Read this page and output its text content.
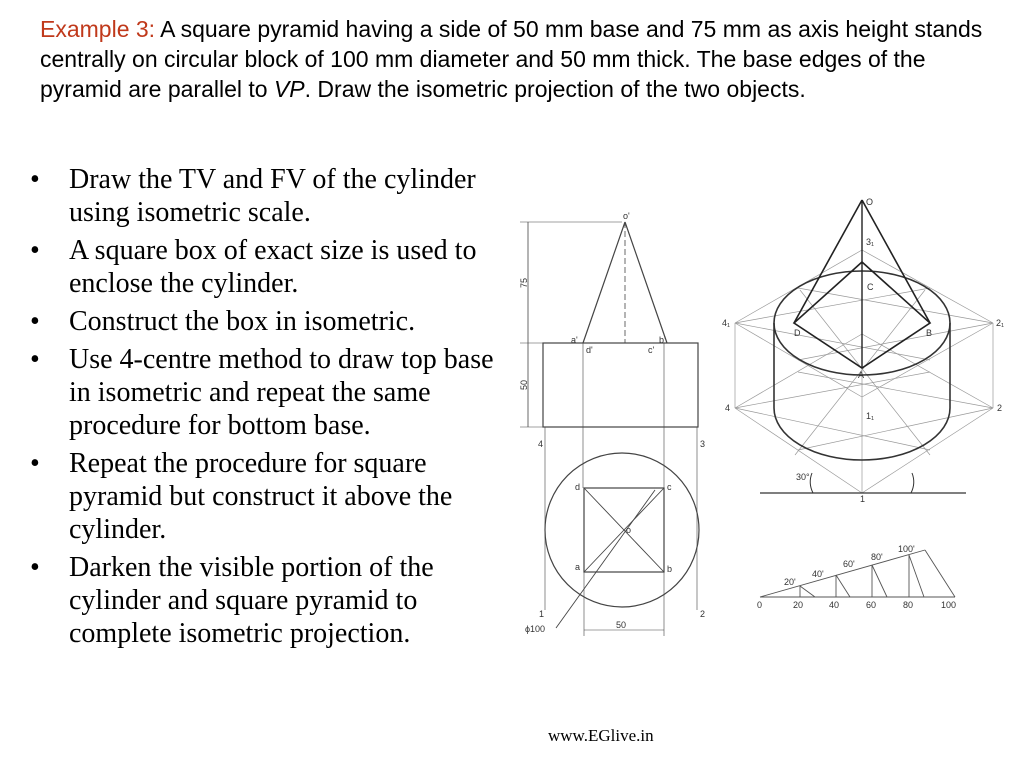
Example 3: A square pyramid having a side of 50 mm base and 75 mm as axis height stands centrally on circular block of 100 mm diameter and 50 mm thick. The base edges of the pyramid are parallel to VP. Draw the isometric projection of the two objects.
• Draw the TV and FV of the cylinder using isometric scale.
• A square box of exact size is used to enclose the cylinder.
• Construct the box in isometric.
• Use 4-centre method to draw top base in isometric and repeat the same procedure for bottom base.
• Repeat the procedure for square pyramid but construct it above the cylinder.
• Darken the visible portion of the cylinder and square pyramid to complete isometric projection.
o'
a'	b'
d'	c'
75
50
4	3
1	2
d	c
o
a	b
ϕ100	50
O
3₁
C
D	B
A
4₁	2₁
4	2
1₁
30°
1
20'
40'
60'
80'
100'
0	20	40	60	80	100
www.EGlive.in
